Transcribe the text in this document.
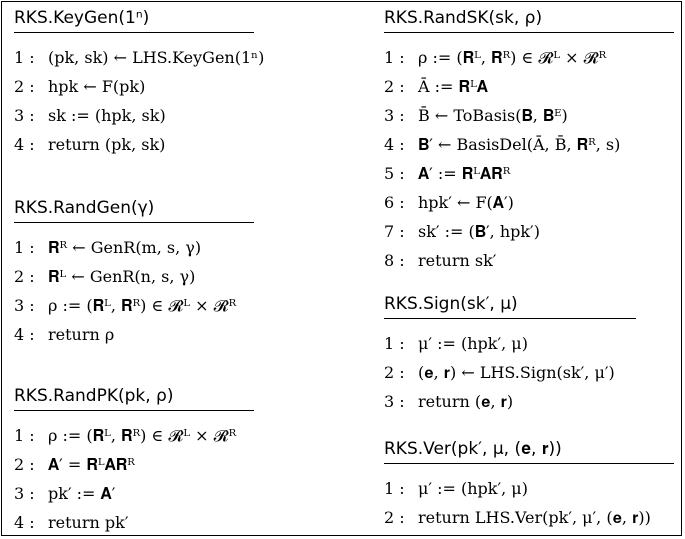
RKS.KeyGen(1ⁿ)
1 : (pk, sk) ← LHS.KeyGen(1ⁿ)
2 : hpk ← F(pk)
3 : sk := (hpk, sk)
4 : return (pk, sk)
RKS.RandGen(γ)
1 : 𝐑ᴿ ← GenR(m, s, γ)
2 : 𝐑ᴸ ← GenR(n, s, γ)
3 : ρ := (𝐑ᴸ, 𝐑ᴿ) ∈ 𝓡ᴸ × 𝓡ᴿ
4 : return ρ
RKS.RandPK(pk, ρ)
1 : ρ := (𝐑ᴸ, 𝐑ᴿ) ∈ 𝓡ᴸ × 𝓡ᴿ
2 : 𝐀′ = 𝐑ᴸ𝐀𝐑ᴿ
3 : pk′ := 𝐀′
4 : return pk′
RKS.RandSK(sk, ρ)
1 : ρ := (𝐑ᴸ, 𝐑ᴿ) ∈ 𝓡ᴸ × 𝓡ᴿ
2 : Ā := 𝐑ᴸ𝐀
3 : B̄ ← ToBasis(𝐁, 𝐁ᴱ)
4 : 𝐁′ ← BasisDel(Ā, B̄, 𝐑ᴿ, s)
5 : 𝐀′ := 𝐑ᴸ𝐀𝐑ᴿ
6 : hpk′ ← F(𝐀′)
7 : sk′ := (𝐁′, hpk′)
8 : return sk′
RKS.Sign(sk′, μ)
1 : μ′ := (hpk′, μ)
2 : (𝐞, 𝐫) ← LHS.Sign(sk′, μ′)
3 : return (𝐞, 𝐫)
RKS.Ver(pk′, μ, (𝐞, 𝐫))
1 : μ′ := (hpk′, μ)
2 : return LHS.Ver(pk′, μ′, (𝐞, 𝐫))
